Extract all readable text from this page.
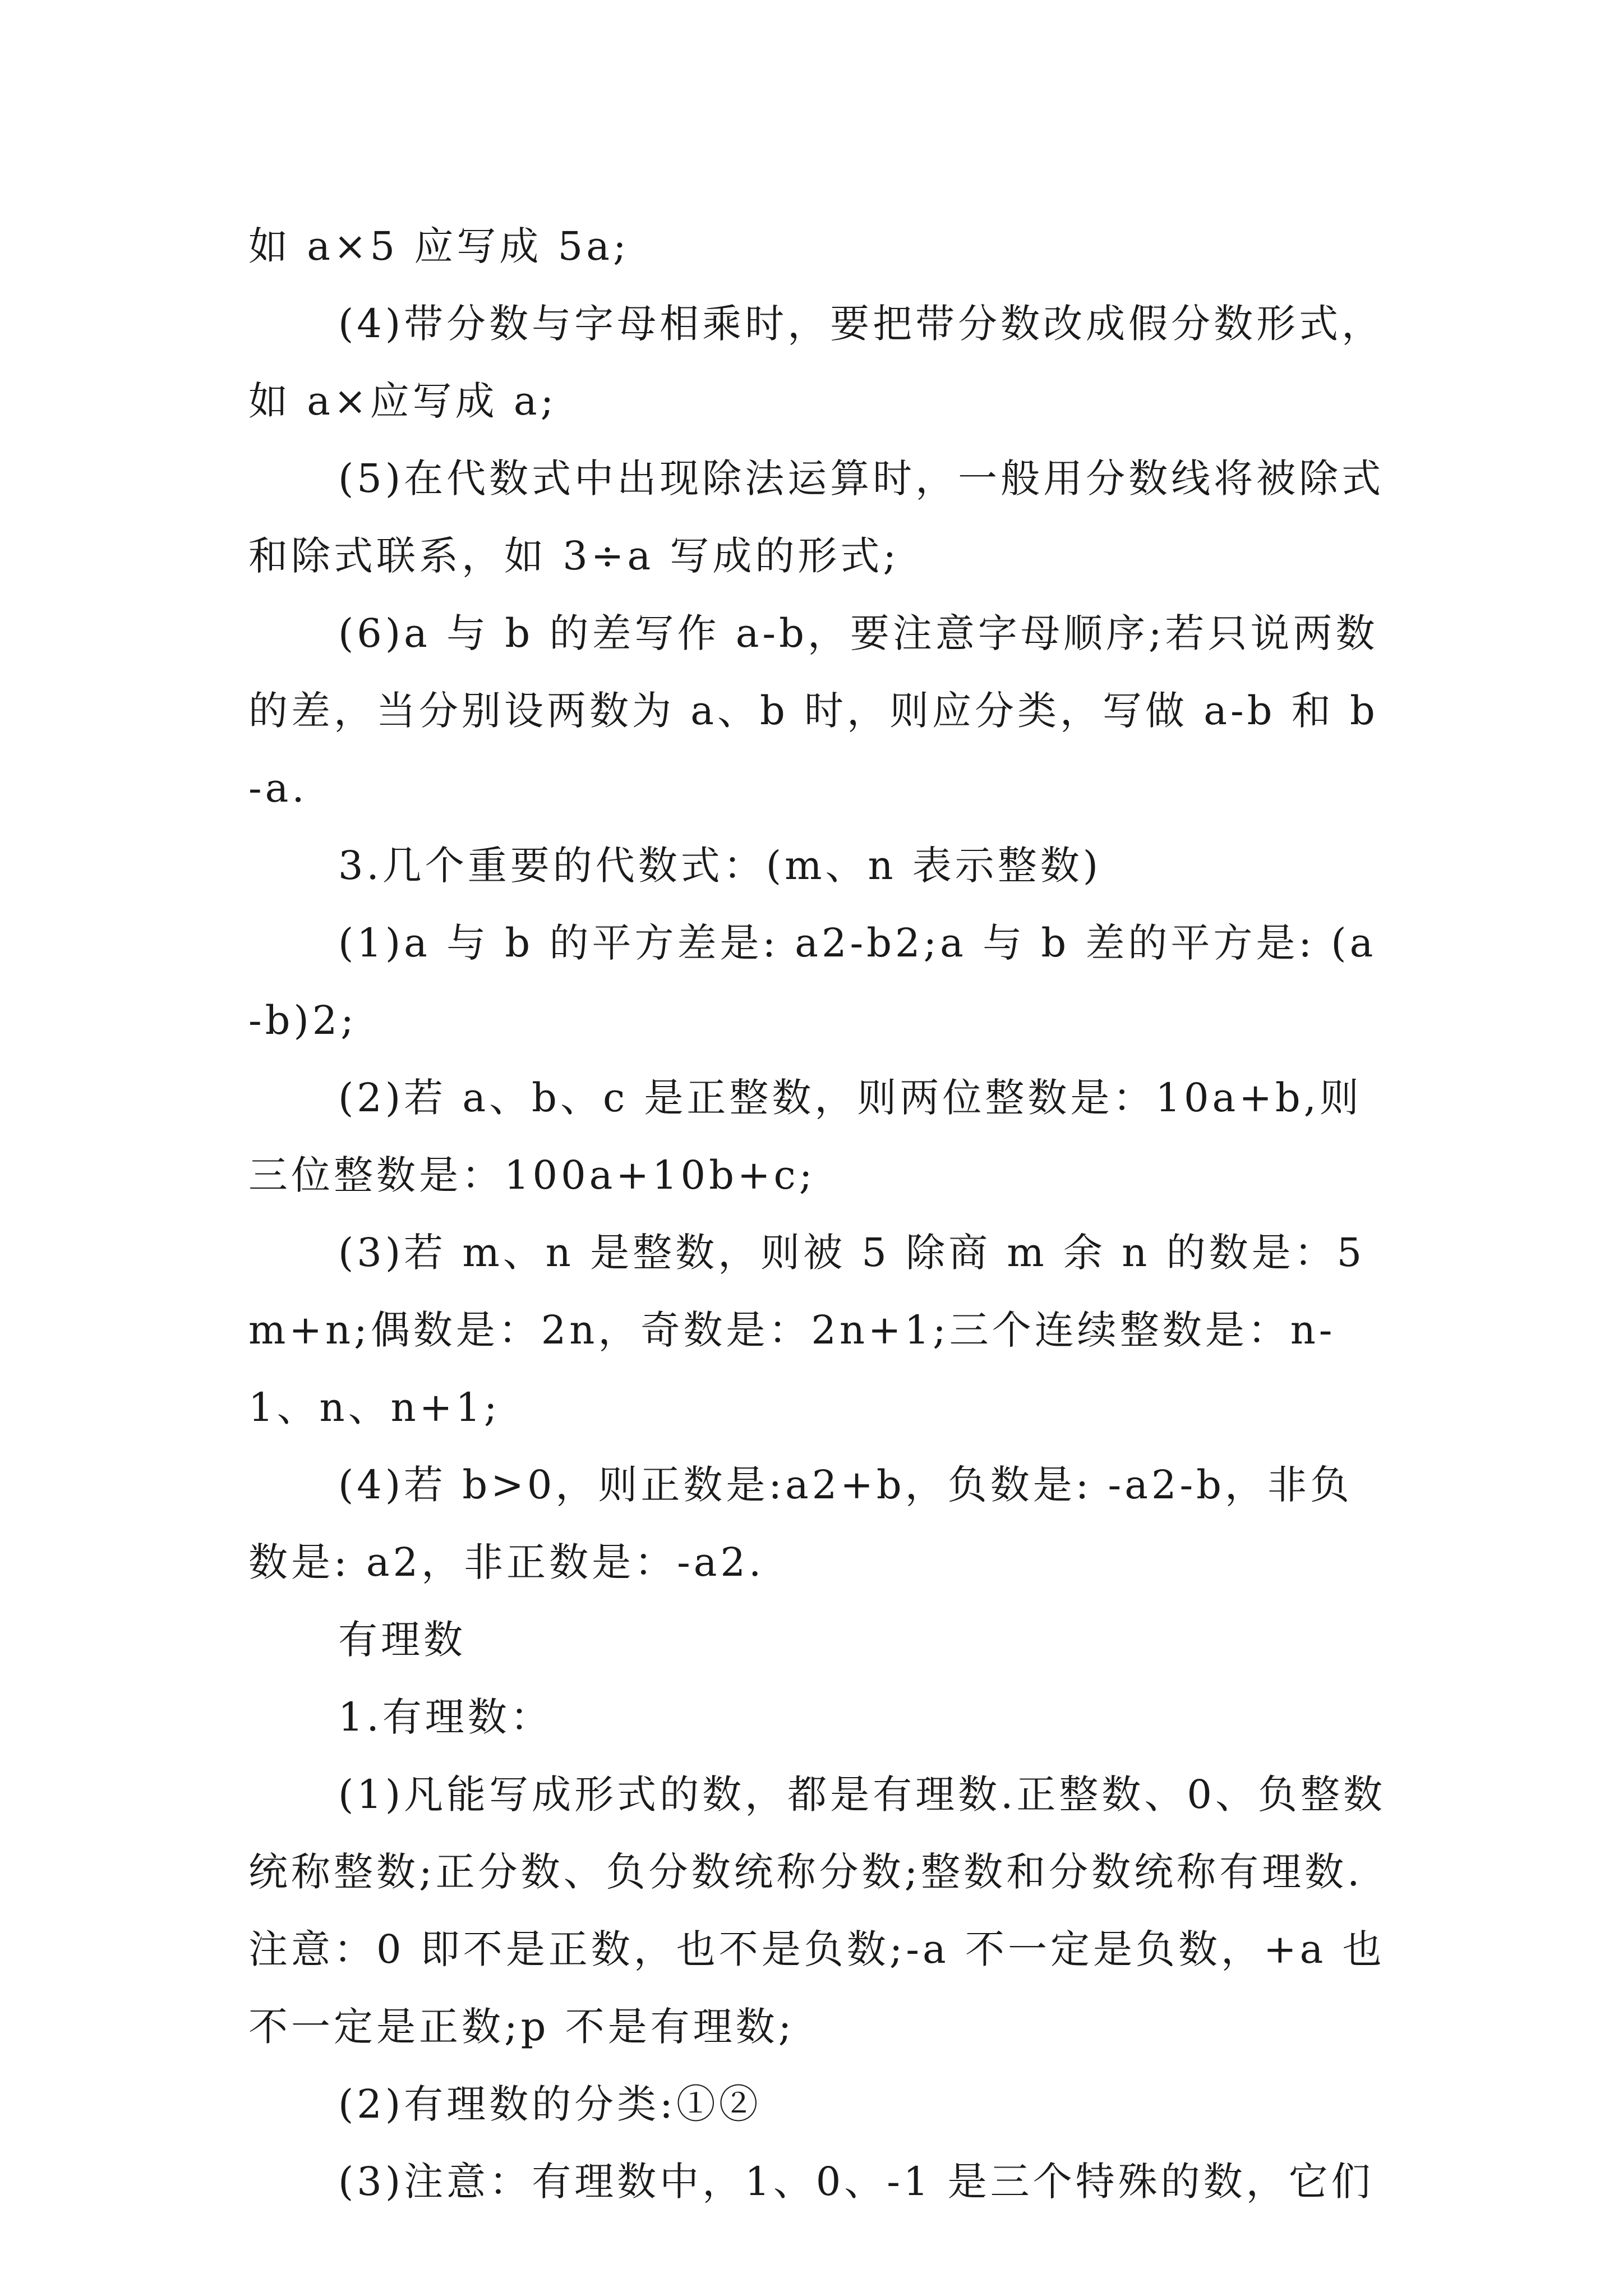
如 a×5 应写成 5a;

(4)带分数与字母相乘时，要把带分数改成假分数形式，如 a×应写成 a;

(5)在代数式中出现除法运算时，一般用分数线将被除式和除式联系，如 3÷a 写成的形式;

(6)a 与 b 的差写作 a-b，要注意字母顺序;若只说两数的差，当分别设两数为 a、b 时，则应分类，写做 a-b 和 b-a.

3.几个重要的代数式：(m、n 表示整数)

(1)a 与 b 的平方差是: a2-b2;a 与 b 差的平方是: (a-b)2;

(2)若 a、b、c 是正整数，则两位整数是：10a+b,则三位整数是：100a+10b+c;

(3)若 m、n 是整数，则被 5 除商 m 余 n 的数是：5m+n;偶数是：2n，奇数是：2n+1;三个连续整数是：n-1、n、n+1;

(4)若 b>0，则正数是:a2+b，负数是: -a2-b，非负数是: a2，非正数是：-a2.

有理数

1.有理数：

(1)凡能写成形式的数，都是有理数.正整数、0、负整数统称整数;正分数、负分数统称分数;整数和分数统称有理数.注意：0 即不是正数，也不是负数;-a 不一定是负数，+a 也不一定是正数;p 不是有理数;

(2)有理数的分类:①②

(3)注意：有理数中，1、0、-1 是三个特殊的数，它们
